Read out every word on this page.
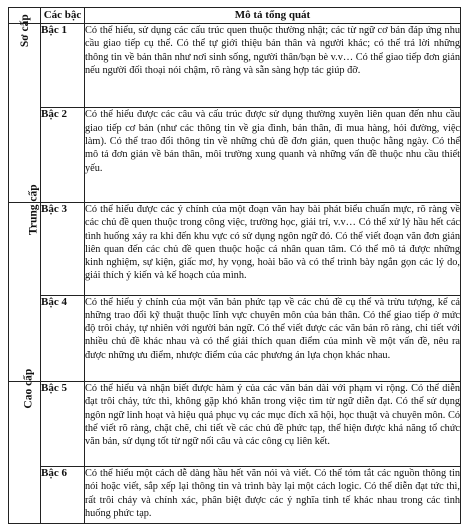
	Các bậc	Mô tả tổng quát
Sơ cấp	Bậc 1	Có thể hiểu, sử dụng các cấu trúc quen thuộc thường nhật; các từ ngữ cơ bản đáp ứng nhu cầu giao tiếp cụ thể. Có thể tự giới thiệu bản thân và người khác; có thể trả lời những thông tin về bản thân như nơi sinh sống, người thân/bạn bè v.v… Có thể giao tiếp đơn giản nếu người đối thoại nói chậm, rõ ràng và sẵn sàng hợp tác giúp đỡ.

	Bậc 2	Có thể hiểu được các câu và cấu trúc được sử dụng thường xuyên liên quan đến nhu cầu giao tiếp cơ bản (như các thông tin về gia đình, bản thân, đi mua hàng, hỏi đường, việc làm). Có thể trao đổi thông tin về những chủ đề đơn giản, quen thuộc hằng ngày. Có thể mô tả đơn giản về bản thân, môi trường xung quanh và những vấn đề thuộc nhu cầu thiết yếu.

Trung cấp	Bậc 3	Có thể hiểu được các ý chính của một đoạn văn hay bài phát biểu chuẩn mực, rõ ràng về các chủ đề quen thuộc trong công việc, trường học, giải trí, v.v… Có thể xử lý hầu hết các tình huống xảy ra khi đến khu vực có sử dụng ngôn ngữ đó. Có thể viết đoạn văn đơn giản liên quan đến các chủ đề quen thuộc hoặc cá nhân quan tâm. Có thể mô tả được những kinh nghiệm, sự kiện, giấc mơ, hy vọng, hoài bão và có thể trình bày ngắn gọn các lý do, giải thích ý kiến và kế hoạch của mình.

	Bậc 4	Có thể hiểu ý chính của một văn bản phức tạp về các chủ đề cụ thể và trừu tượng, kể cả những trao đổi kỹ thuật thuộc lĩnh vực chuyên môn của bản thân. Có thể giao tiếp ở mức độ trôi chảy, tự nhiên với người bản ngữ. Có thể viết được các văn bản rõ ràng, chi tiết với nhiều chủ đề khác nhau và có thể giải thích quan điểm của mình về một vấn đề, nêu ra được những ưu điểm, nhược điểm của các phương án lựa chọn khác nhau.

Cao cấp	Bậc 5	Có thể hiểu và nhận biết được hàm ý của các văn bản dài với phạm vi rộng. Có thể diễn đạt trôi chảy, tức thì, không gặp khó khăn trong việc tìm từ ngữ diễn đạt. Có thể sử dụng ngôn ngữ linh hoạt và hiệu quả phục vụ các mục đích xã hội, học thuật và chuyên môn. Có thể viết rõ ràng, chặt chẽ, chi tiết về các chủ đề phức tạp, thể hiện được khả năng tổ chức văn bản, sử dụng tốt từ ngữ nối câu và các công cụ liên kết.

	Bậc 6	Có thể hiểu một cách dễ dàng hầu hết văn nói và viết. Có thể tóm tắt các nguồn thông tin nói hoặc viết, sắp xếp lại thông tin và trình bày lại một cách logic. Có thể diễn đạt tức thì, rất trôi chảy và chính xác, phân biệt được các ý nghĩa tinh tế khác nhau trong các tình huống phức tạp.
